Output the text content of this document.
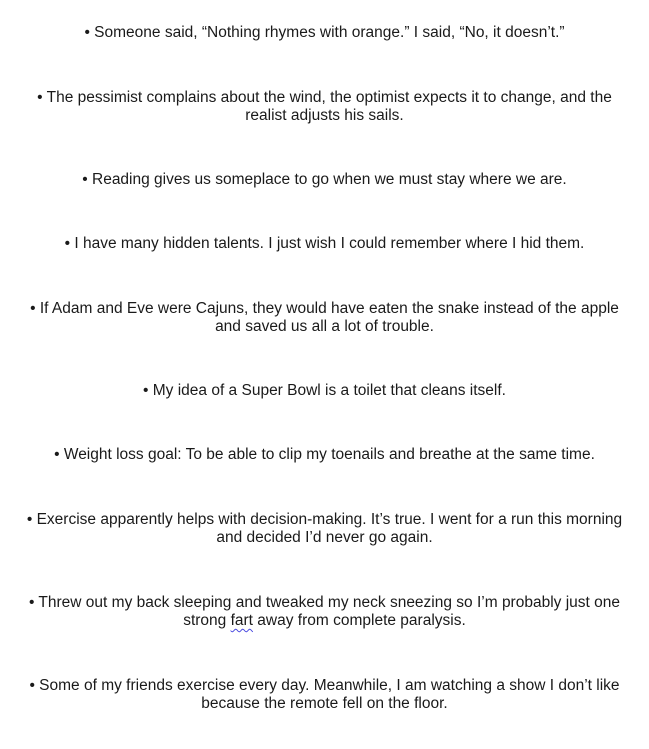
• Someone said, “Nothing rhymes with orange.” I said, “No, it doesn’t.”
• The pessimist complains about the wind, the optimist expects it to change, and the realist adjusts his sails.
• Reading gives us someplace to go when we must stay where we are.
• I have many hidden talents. I just wish I could remember where I hid them.
• If Adam and Eve were Cajuns, they would have eaten the snake instead of the apple and saved us all a lot of trouble.
• My idea of a Super Bowl is a toilet that cleans itself.
• Weight loss goal: To be able to clip my toenails and breathe at the same time.
• Exercise apparently helps with decision-making. It’s true. I went for a run this morning and decided I’d never go again.
• Threw out my back sleeping and tweaked my neck sneezing so I’m probably just one strong fart away from complete paralysis.
• Some of my friends exercise every day. Meanwhile, I am watching a show I don’t like because the remote fell on the floor.
